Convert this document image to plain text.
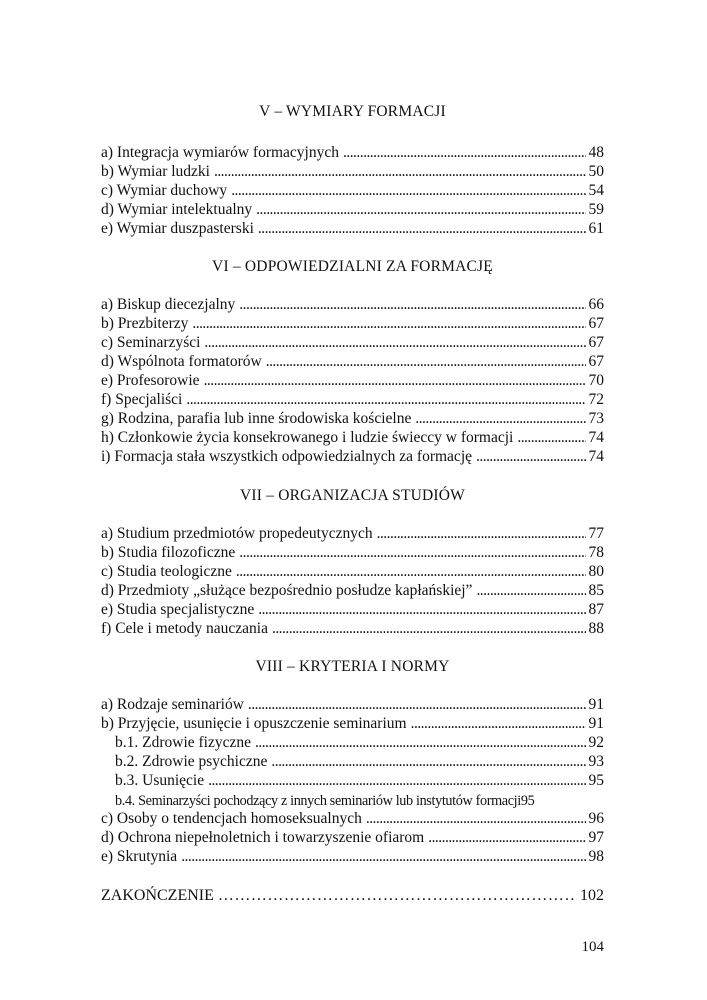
V – WYMIARY FORMACJI
a) Integracja wymiarów formacyjnych . . .	48
b) Wymiar ludzki . . .	50
c) Wymiar duchowy . . .	54
d) Wymiar intelektualny . . .	59
e) Wymiar duszpasterski . . .	61
VI – ODPOWIEDZIALNI ZA FORMACJĘ
a) Biskup diecezjalny . . .	66
b) Prezbiterzy . . .	67
c) Seminarzyści . . .	67
d) Wspólnota formatorów . . .	67
e) Profesorowie . . .	70
f) Specjaliści . . .	72
g) Rodzina, parafia lub inne środowiska kościelne . . .	73
h) Członkowie życia konsekrowanego i ludzie świeccy w formacji . . .	74
i) Formacja stała wszystkich odpowiedzialnych za formację . . .	74
VII – ORGANIZACJA STUDIÓW
a) Studium przedmiotów propedeutycznych . . .	77
b) Studia filozoficzne . . .	78
c) Studia teologiczne . . .	80
d) Przedmioty „służące bezpośrednio posłudze kapłańskiej” . . .	85
e) Studia specjalistyczne . . .	87
f) Cele i metody nauczania . . .	88
VIII – KRYTERIA I NORMY
a) Rodzaje seminariów . . .	91
b) Przyjęcie, usunięcie i opuszczenie seminarium . . .	91
b.1. Zdrowie fizyczne . . .	92
b.2. Zdrowie psychiczne . . .	93
b.3. Usunięcie . . .	95
b.4. Seminarzyści pochodzący z innych seminariów lub instytutów formacji 95
c) Osoby o tendencjach homoseksualnych . . .	96
d) Ochrona niepełnoletnich i towarzyszenie ofiarom . . .	97
e) Skrutynia . . .	98
ZAKOŃCZENIE ……………………………………………………………………………………………………	102
104
